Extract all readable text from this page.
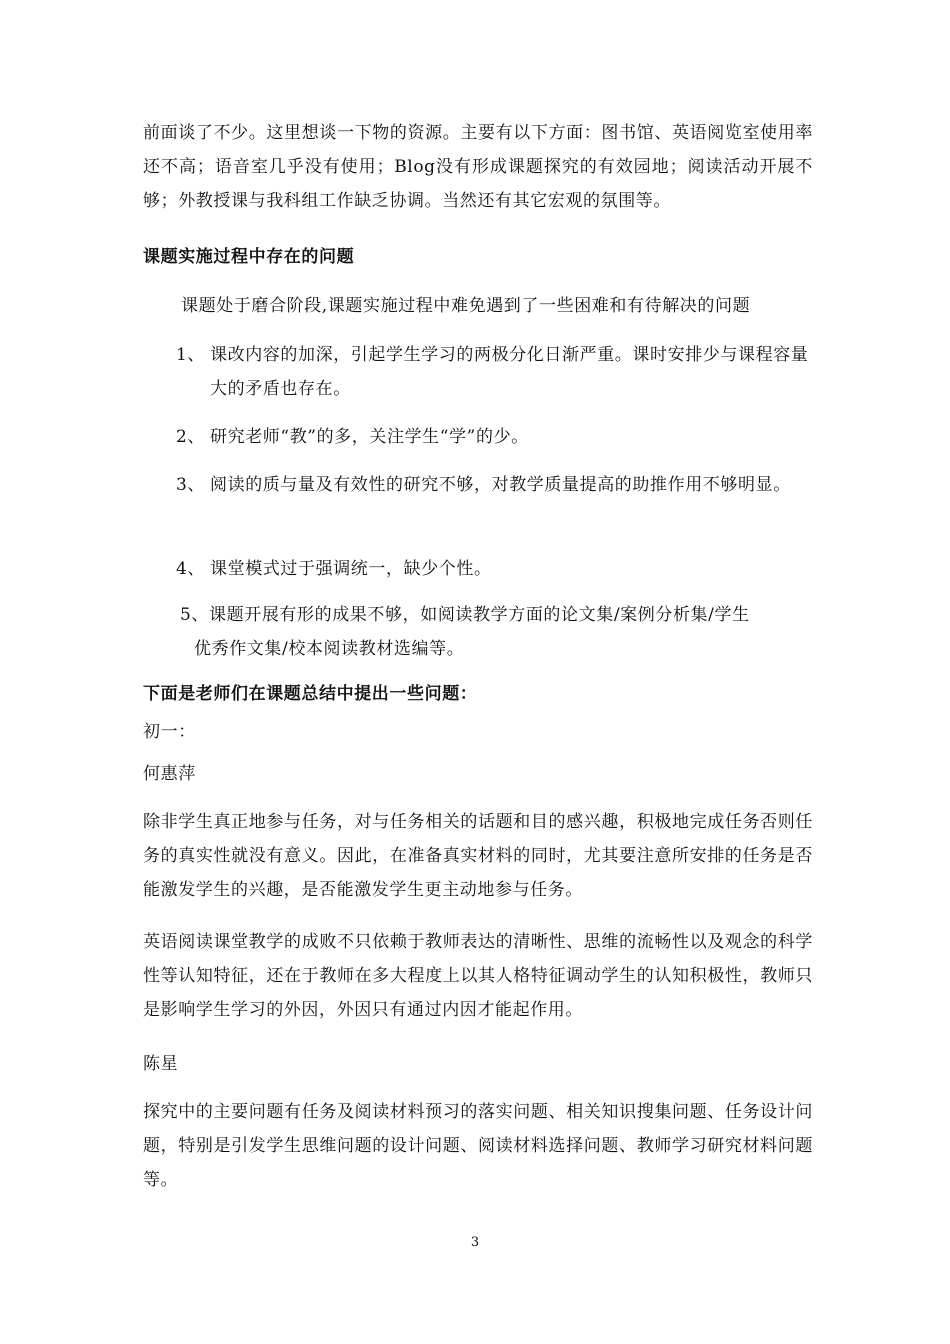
前面谈了不少。这里想谈一下物的资源。主要有以下方面：图书馆、英语阅览室使用率还不高；语音室几乎没有使用；Blog没有形成课题探究的有效园地；阅读活动开展不够；外教授课与我科组工作缺乏协调。当然还有其它宏观的氛围等。

课题实施过程中存在的问题

课题处于磨合阶段,课题实施过程中难免遇到了一些困难和有待解决的问题

1、 课改内容的加深，引起学生学习的两极分化日渐严重。课时安排少与课程容量大的矛盾也存在。
2、 研究老师“教”的多，关注学生“学”的少。
3、 阅读的质与量及有效性的研究不够，对教学质量提高的助推作用不够明显。
4、 课堂模式过于强调统一，缺少个性。
5、课题开展有形的成果不够，如阅读教学方面的论文集/案例分析集/学生
优秀作文集/校本阅读教材选编等。

下面是老师们在课题总结中提出一些问题：

初一：

何惠萍

除非学生真正地参与任务，对与任务相关的话题和目的感兴趣，积极地完成任务否则任务的真实性就没有意义。因此，在准备真实材料的同时，尤其要注意所安排的任务是否能激发学生的兴趣，是否能激发学生更主动地参与任务。

英语阅读课堂教学的成败不只依赖于教师表达的清晰性、思维的流畅性以及观念的科学性等认知特征，还在于教师在多大程度上以其人格特征调动学生的认知积极性，教师只是影响学生学习的外因，外因只有通过内因才能起作用。

陈星

探究中的主要问题有任务及阅读材料预习的落实问题、相关知识搜集问题、任务设计问题，特别是引发学生思维问题的设计问题、阅读材料选择问题、教师学习研究材料问题等。

3
